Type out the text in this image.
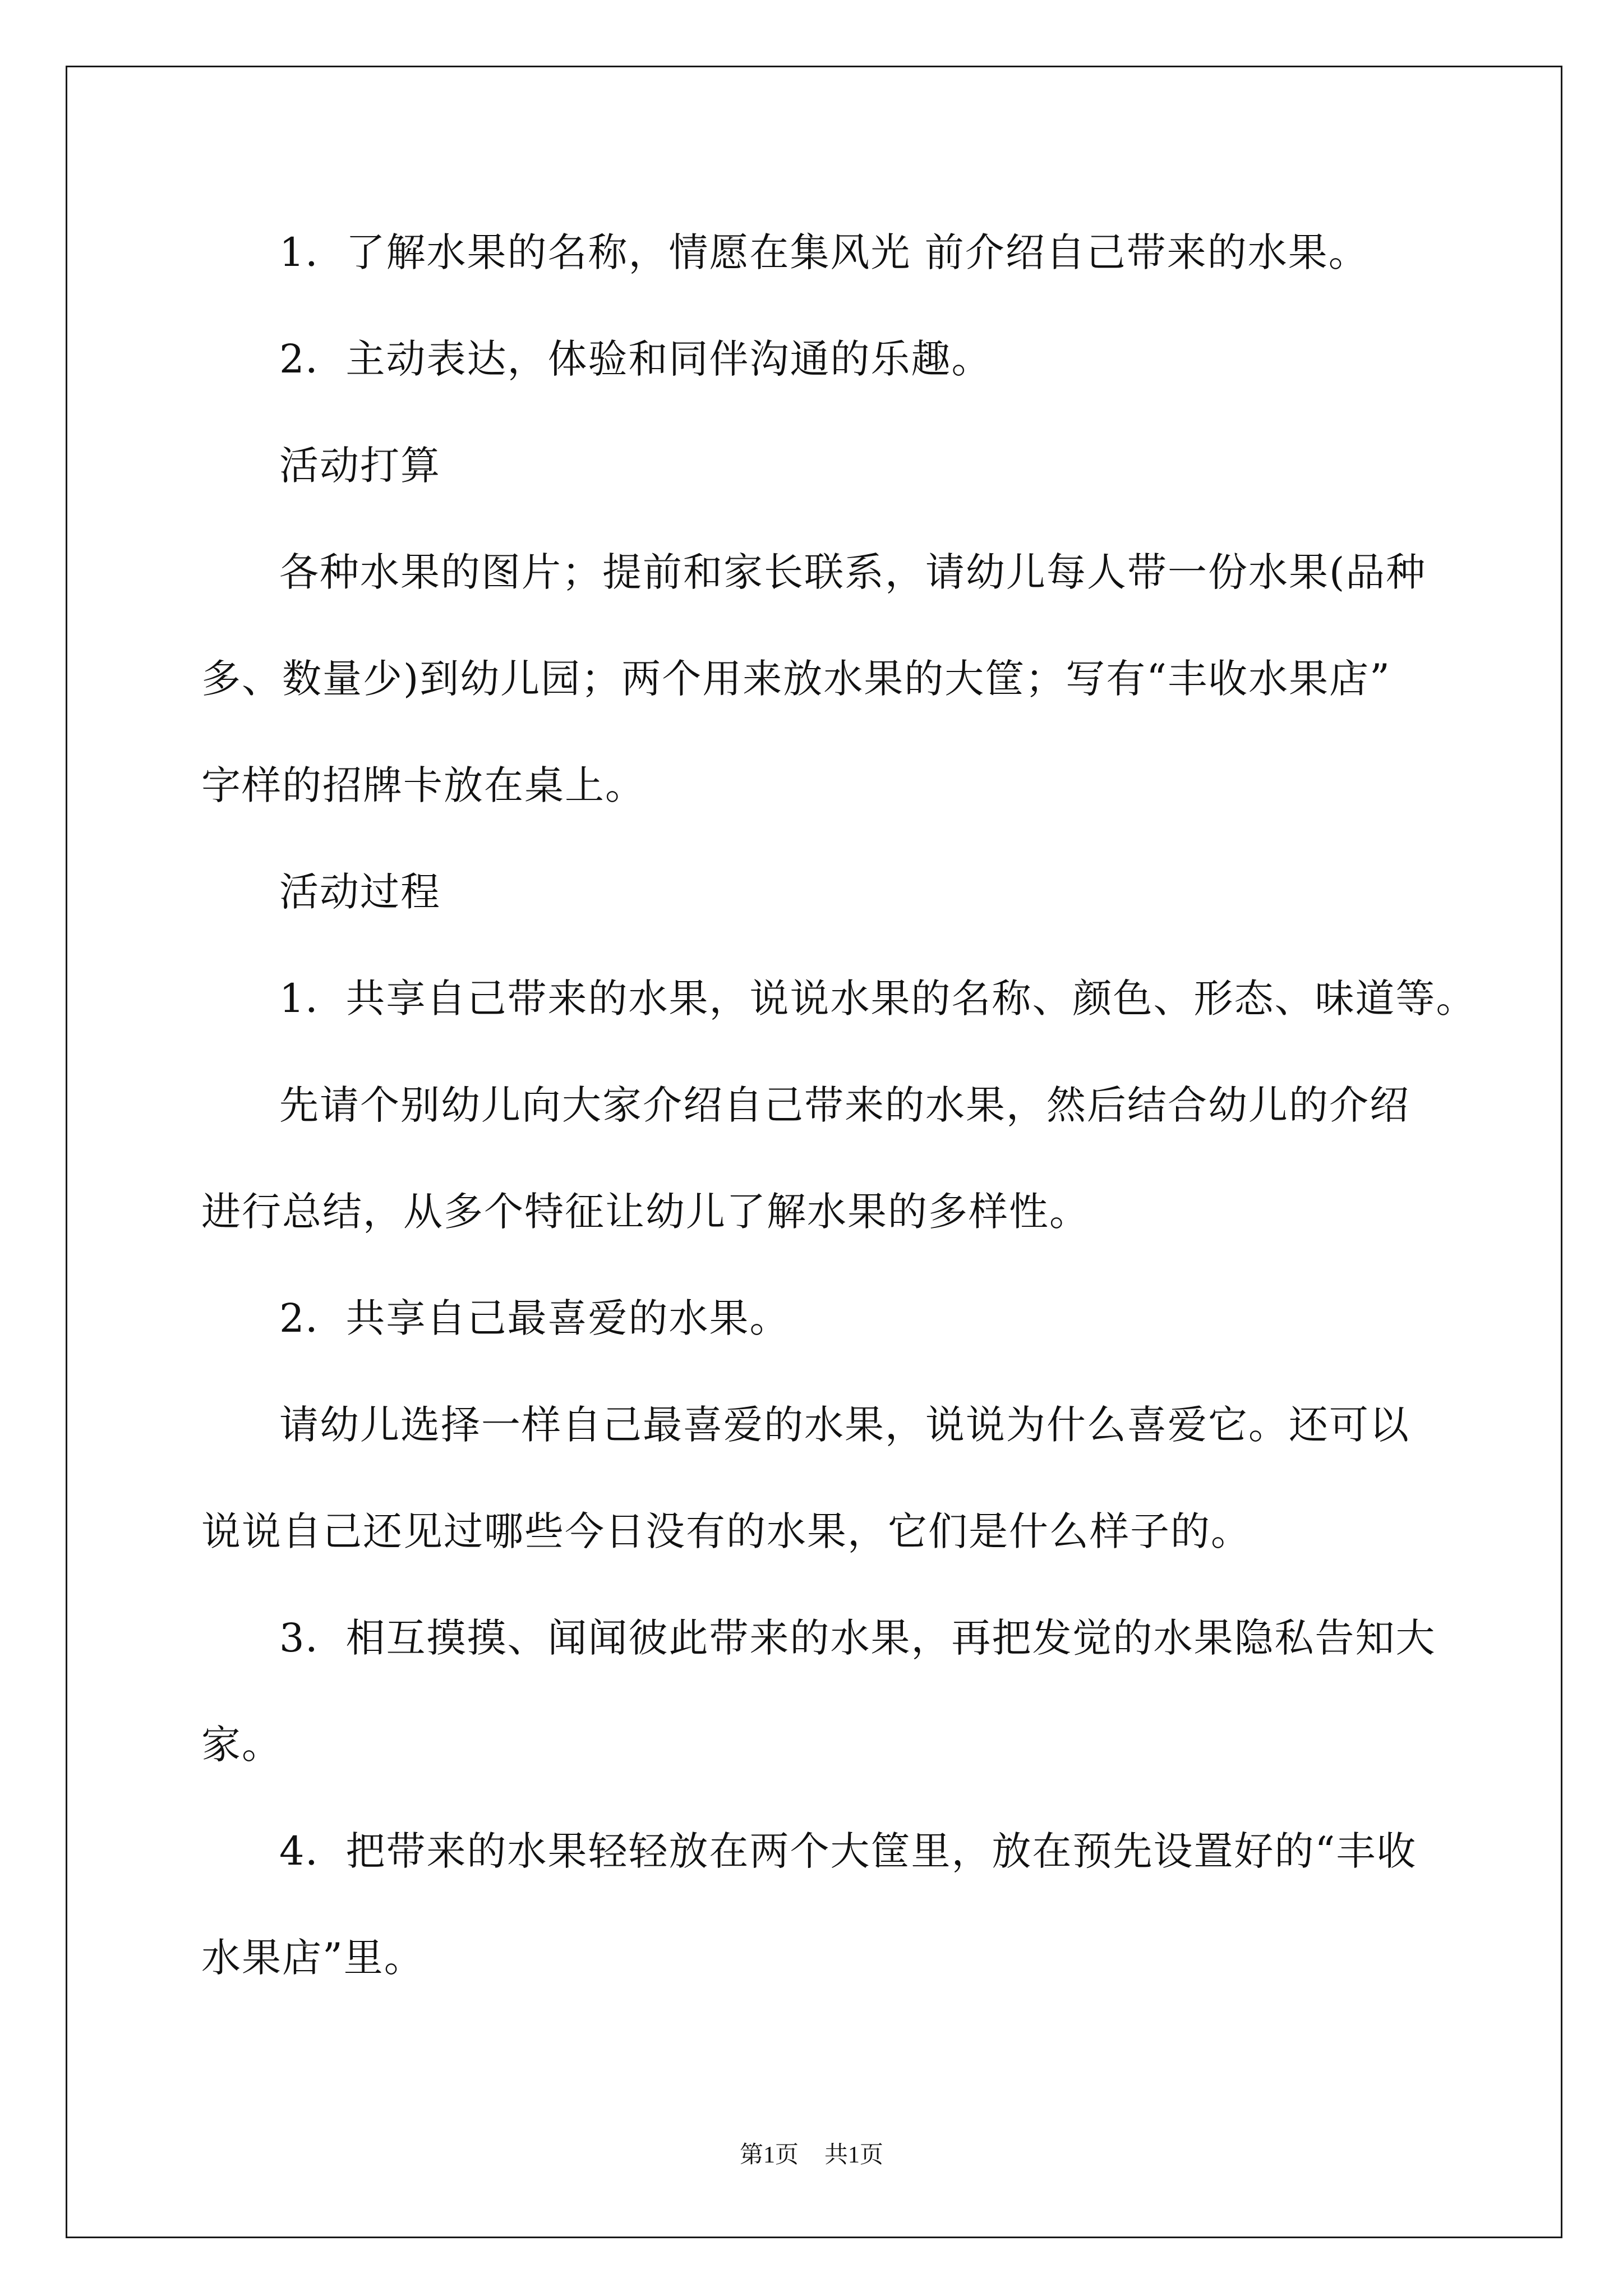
1．了解水果的名称，情愿在集风光 前介绍自己带来的水果。
2．主动表达，体验和同伴沟通的乐趣。
活动打算
各种水果的图片；提前和家长联系，请幼儿每人带一份水果(品种
多、数量少)到幼儿园；两个用来放水果的大筐；写有“丰收水果店”
字样的招牌卡放在桌上。
活动过程
1．共享自己带来的水果，说说水果的名称、颜色、形态、味道等。
先请个别幼儿向大家介绍自己带来的水果，然后结合幼儿的介绍
进行总结，从多个特征让幼儿了解水果的多样性。
2．共享自己最喜爱的水果。
请幼儿选择一样自己最喜爱的水果，说说为什么喜爱它。还可以
说说自己还见过哪些今日没有的水果，它们是什么样子的。
3．相互摸摸、闻闻彼此带来的水果，再把发觉的水果隐私告知大
家。
4．把带来的水果轻轻放在两个大筐里，放在预先设置好的“丰收
水果店”里。
第1页 共1页
